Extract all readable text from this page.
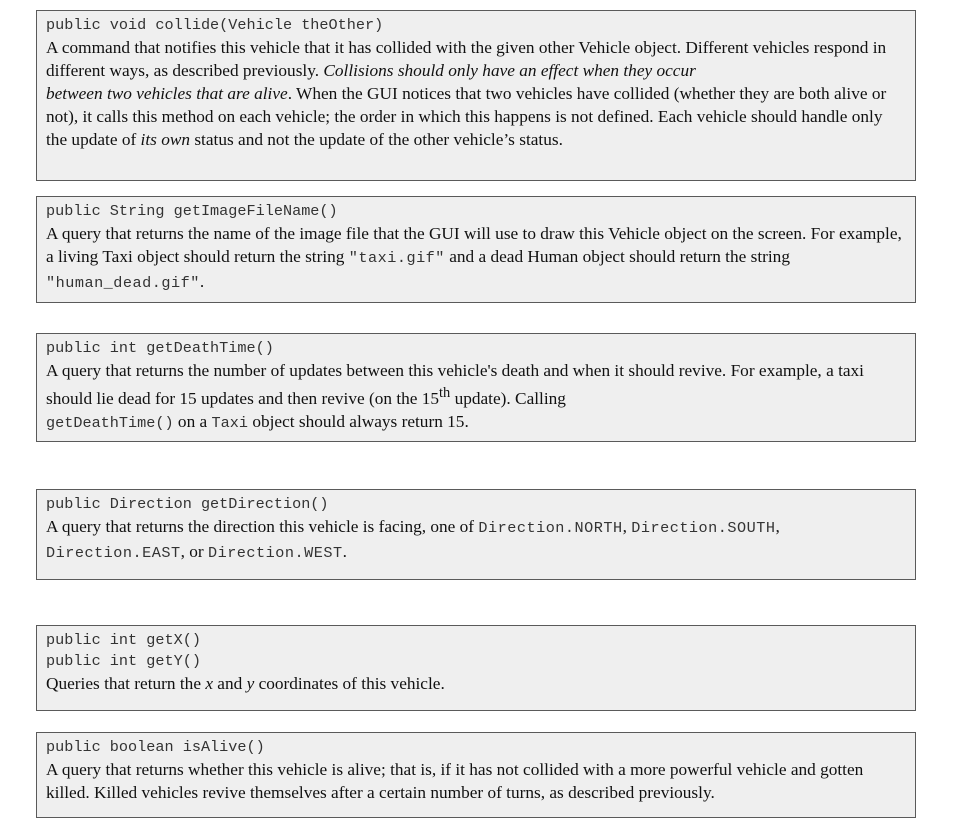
public void collide(Vehicle theOther)

A command that notifies this vehicle that it has collided with the given other Vehicle object. Different vehicles respond in different ways, as described previously. Collisions should only have an effect when they occur
between two vehicles that are alive. When the GUI notices that two vehicles have collided (whether they are both alive or not), it calls this method on each vehicle; the order in which this happens is not defined. Each vehicle should handle only the update of its own status and not the update of the other vehicle’s status.

public String getImageFileName()

A query that returns the name of the image file that the GUI will use to draw this Vehicle object on the screen. For example, a living Taxi object should return the string "taxi.gif" and a dead Human object should return the string "human_dead.gif".

public int getDeathTime()

A query that returns the number of updates between this vehicle's death and when it should revive. For example, a taxi should lie dead for 15 updates and then revive (on the 15th update). Calling
getDeathTime() on a Taxi object should always return 15.

public Direction getDirection()

A query that returns the direction this vehicle is facing, one of Direction.NORTH, Direction.SOUTH,
Direction.EAST, or Direction.WEST.

public int getX()
public int getY()

Queries that return the x and y coordinates of this vehicle.

public boolean isAlive()

A query that returns whether this vehicle is alive; that is, if it has not collided with a more powerful vehicle and gotten killed. Killed vehicles revive themselves after a certain number of turns, as described previously.
